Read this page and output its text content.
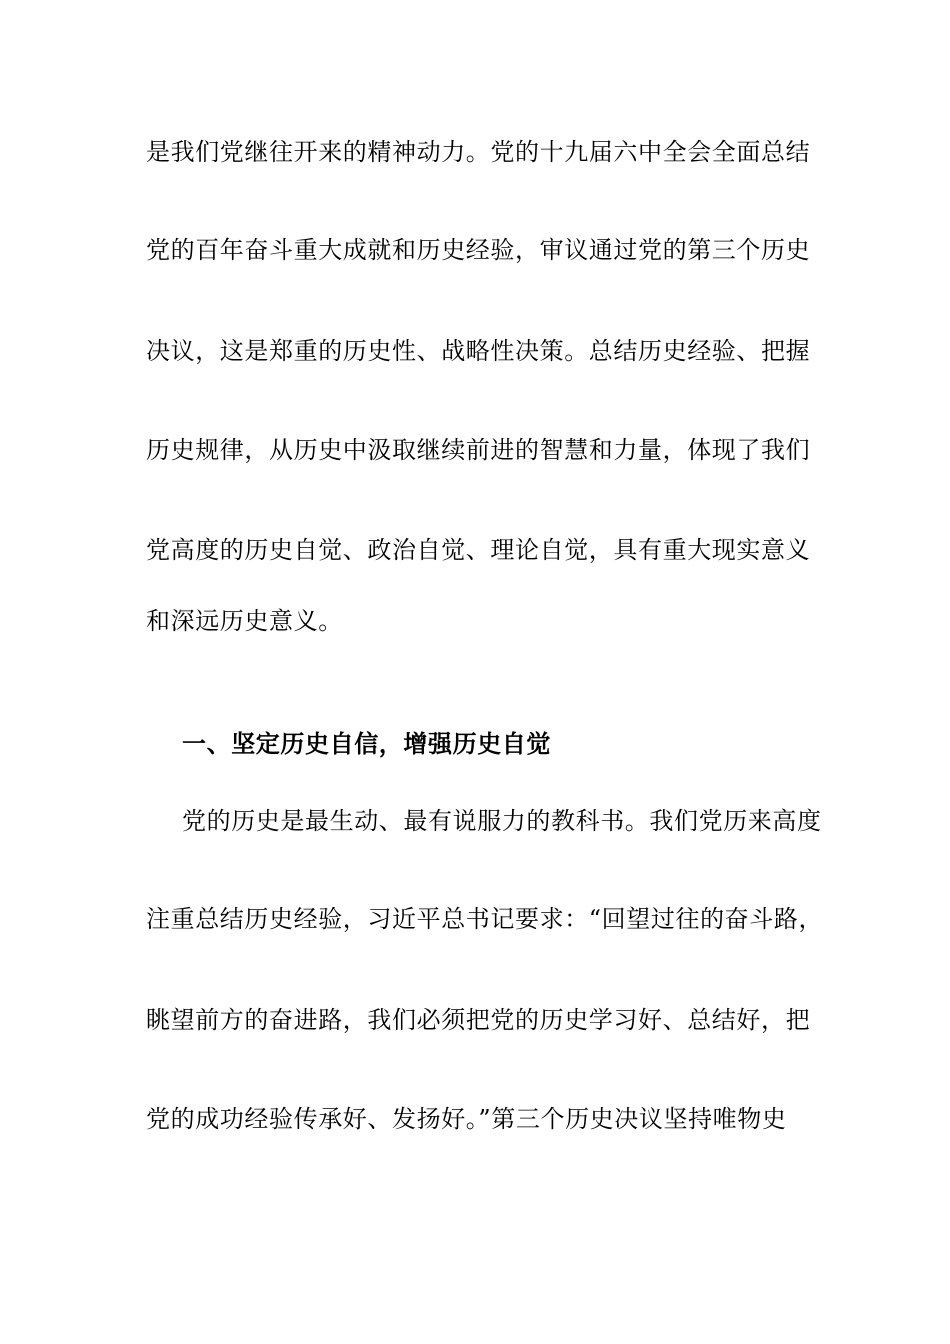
是我们党继往开来的精神动力。党的十九届六中全会全面总结
党的百年奋斗重大成就和历史经验，审议通过党的第三个历史
决议，这是郑重的历史性、战略性决策。总结历史经验、把握
历史规律，从历史中汲取继续前进的智慧和力量，体现了我们
党高度的历史自觉、政治自觉、理论自觉，具有重大现实意义
和深远历史意义。
一、坚定历史自信，增强历史自觉
党的历史是最生动、最有说服力的教科书。我们党历来高度
注重总结历史经验，习近平总书记要求：“回望过往的奋斗路，
眺望前方的奋进路，我们必须把党的历史学习好、总结好，把
党的成功经验传承好、发扬好。”第三个历史决议坚持唯物史
